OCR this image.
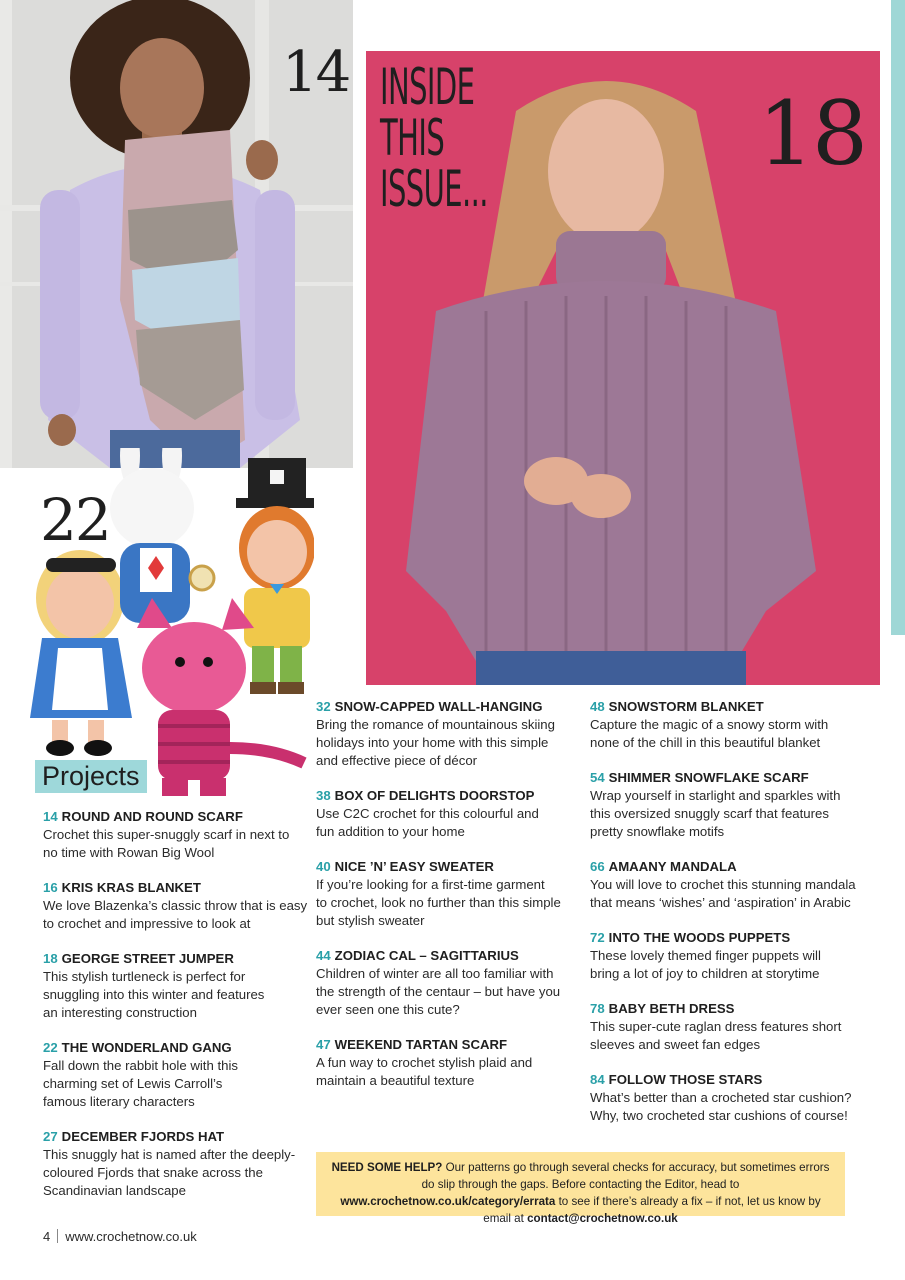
14
18
22
INSIDE
THIS
ISSUE...
Projects
14 ROUND AND ROUND SCARF
Crochet this super-snuggly scarf in next to
no time with Rowan Big Wool
16 KRIS KRAS BLANKET
We love Blazenka’s classic throw that is easy
to crochet and impressive to look at
18 GEORGE STREET JUMPER
This stylish turtleneck is perfect for
snuggling into this winter and features
an interesting construction
22 THE WONDERLAND GANG
Fall down the rabbit hole with this
charming set of Lewis Carroll’s
famous literary characters
27 DECEMBER FJORDS HAT
This snuggly hat is named after the deeply-
coloured Fjords that snake across the
Scandinavian landscape
32 SNOW-CAPPED WALL-HANGING
Bring the romance of mountainous skiing
holidays into your home with this simple
and effective piece of décor
38 BOX OF DELIGHTS DOORSTOP
Use C2C crochet for this colourful and
fun addition to your home
40 NICE ’N’ EASY SWEATER
If you’re looking for a first-time garment
to crochet, look no further than this simple
but stylish sweater
44 ZODIAC CAL – SAGITTARIUS
Children of winter are all too familiar with
the strength of the centaur – but have you
ever seen one this cute?
47 WEEKEND TARTAN SCARF
A fun way to crochet stylish plaid and
maintain a beautiful texture
48 SNOWSTORM BLANKET
Capture the magic of a snowy storm with
none of the chill in this beautiful blanket
54 SHIMMER SNOWFLAKE SCARF
Wrap yourself in starlight and sparkles with
this oversized snuggly scarf that features
pretty snowflake motifs
66 AMAANY MANDALA
You will love to crochet this stunning mandala
that means ‘wishes’ and ‘aspiration’ in Arabic
72 INTO THE WOODS PUPPETS
These lovely themed finger puppets will
bring a lot of joy to children at storytime
78 BABY BETH DRESS
This super-cute raglan dress features short
sleeves and sweet fan edges
84 FOLLOW THOSE STARS
What’s better than a crocheted star cushion?
Why, two crocheted star cushions of course!
NEED SOME HELP? Our patterns go through several checks for accuracy, but sometimes errors do slip through the gaps. Before contacting the Editor, head to www.crochetnow.co.uk/category/errata to see if there’s already a fix – if not, let us know by email at contact@crochetnow.co.uk
4 www.crochetnow.co.uk
